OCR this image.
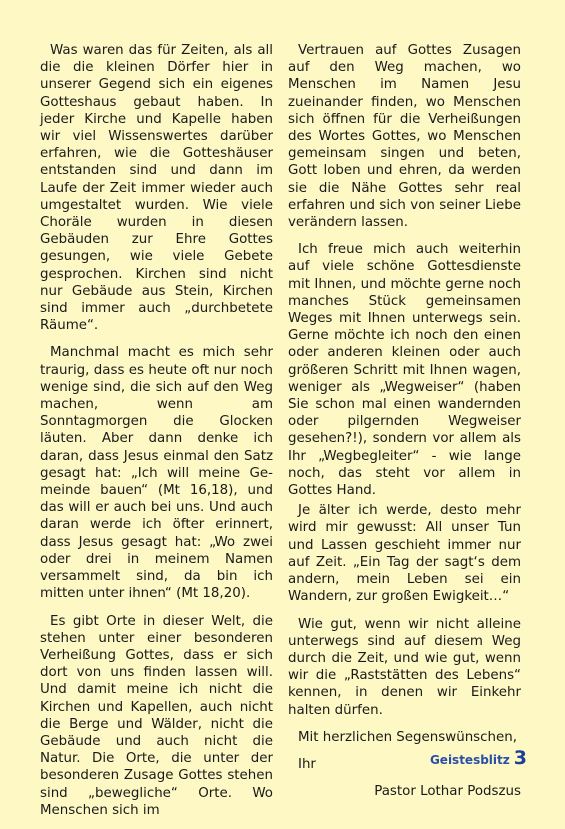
Was waren das für Zeiten, als all die die kleinen Dörfer hier in unserer Gegend sich ein eigenes Gotteshaus gebaut haben. In jeder Kirche und Kapelle haben wir viel Wissenswertes darüber erfahren, wie die Gotteshäuser entstanden sind und dann im Laufe der Zeit immer wieder auch umgestaltet wurden. Wie viele Choräle wurden in diesen Gebäuden zur Ehre Gottes gesungen, wie viele Gebete gesprochen. Kirchen sind nicht nur Gebäude aus Stein, Kirchen sind immer auch „durchbetete Räume“.

Manchmal macht es mich sehr traurig, dass es heute oft nur noch wenige sind, die sich auf den Weg machen, wenn am Sonntagmorgen die Glocken läuten. Aber dann denke ich daran, dass Jesus einmal den Satz gesagt hat: „Ich will meine Gemeinde bauen“ (Mt 16,18), und das will er auch bei uns. Und auch daran werde ich öfter erinnert, dass Jesus gesagt hat: „Wo zwei oder drei in meinem Namen versammelt sind, da bin ich mitten unter ihnen“ (Mt 18,20).

Es gibt Orte in dieser Welt, die stehen unter einer besonderen Verheißung Gottes, dass er sich dort von uns finden lassen will. Und damit meine ich nicht die Kirchen und Kapellen, auch nicht die Berge und Wälder, nicht die Gebäude und auch nicht die Natur. Die Orte, die unter der besonderen Zusage Gottes stehen sind „bewegliche“ Orte. Wo Menschen sich im

Vertrauen auf Gottes Zusagen auf den Weg machen, wo Menschen im Namen Jesu zueinander finden, wo Menschen sich öffnen für die Verheißungen des Wortes Gottes, wo Menschen gemeinsam singen und beten, Gott loben und ehren, da werden sie die Nähe Gottes sehr real erfahren und sich von seiner Liebe verändern lassen.

Ich freue mich auch weiterhin auf viele schöne Gottesdienste mit Ihnen, und möchte gerne noch manches Stück gemeinsamen Weges mit Ihnen unterwegs sein. Gerne möchte ich noch den einen oder anderen kleinen oder auch größeren Schritt mit Ihnen wagen, weniger als „Wegweiser“ (haben Sie schon mal einen wandernden oder pilgernden Wegweiser gesehen?!), sondern vor allem als Ihr „Wegbegleiter“ - wie lange noch, das steht vor allem in Gottes Hand.

Je älter ich werde, desto mehr wird mir gewusst: All unser Tun und Lassen geschieht immer nur auf Zeit. „Ein Tag der sagt‘s dem andern, mein Leben sei ein Wandern, zur großen Ewigkeit…“

Wie gut, wenn wir nicht alleine unterwegs sind auf diesem Weg durch die Zeit, und wie gut, wenn wir die „Raststätten des Lebens“ kennen, in denen wir Einkehr halten dürfen.

Mit herzlichen Segenswünschen,

Ihr

Pastor Lothar Podszus

Geistesblitz 3
